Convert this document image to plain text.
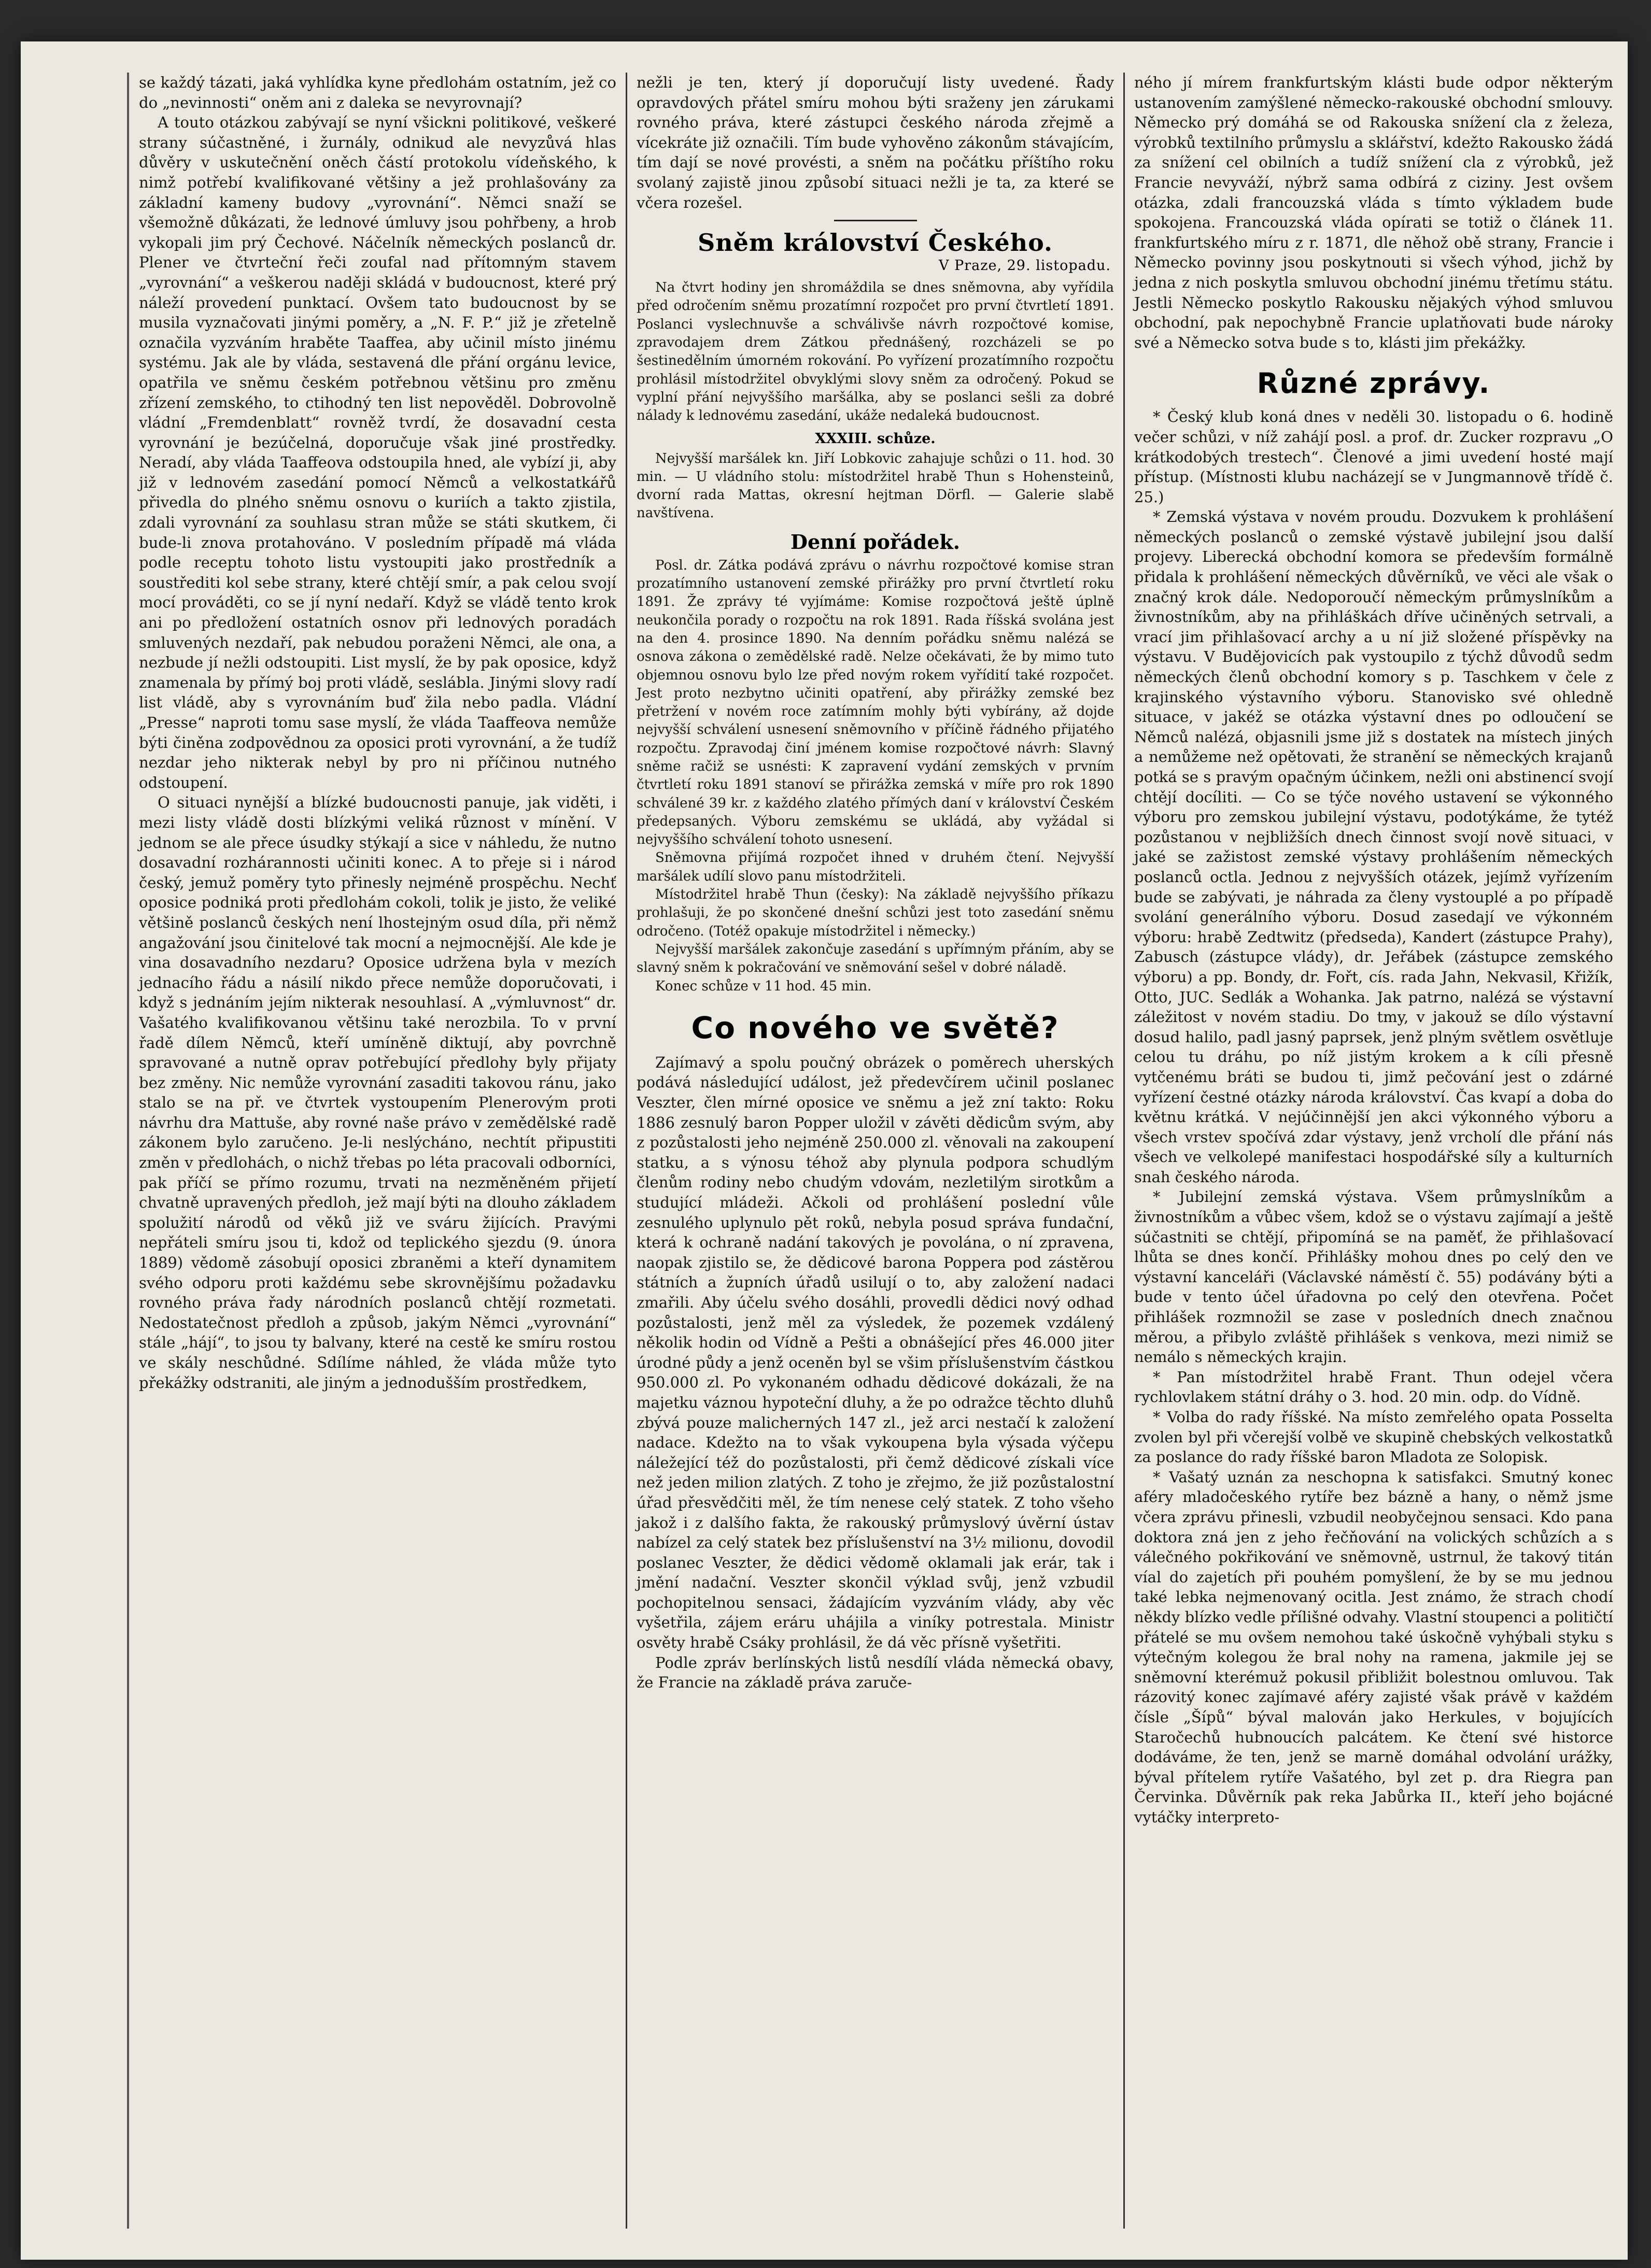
se každý tázati, jaká vyhlídka kyne předlohám ostatním, jež co do „nevinnosti“ oněm ani z daleka se nevyrovnají?

A touto otázkou zabývají se nyní všickni politikové, veškeré strany súčastněné, i žurnály, odnikud ale nevyzůvá hlas důvěry v uskutečnění oněch částí protokolu vídeňského, k nimž potřebí kvalifikované většiny a jež prohlašovány za základní kameny budovy „vyrovnání“. Němci snaží se všemožně důkázati, že lednové úmluvy jsou pohřbeny, a hrob vykopali jim prý Čechové. Náčelník německých poslanců dr. Plener ve čtvrteční řeči zoufal nad přítomným stavem „vyrovnání“ a veškerou naději skládá v budoucnost, které prý náleží provedení punktací. Ovšem tato budoucnost by se musila vyznačovati jinými poměry, a „N. F. P.“ již je zřetelně označila vyzváním hraběte Taaffea, aby učinil místo jinému systému. Jak ale by vláda, sestavená dle přání orgánu levice, opatřila ve sněmu českém potřebnou většinu pro změnu zřízení zemského, to ctihodný ten list nepověděl. Dobrovolně vládní „Fremdenblatt“ rovněž tvrdí, že dosavadní cesta vyrovnání je bezúčelná, doporučuje však jiné prostředky. Neradí, aby vláda Taaffeova odstoupila hned, ale vybízí ji, aby již v lednovém zasedání pomocí Němců a velkostatkářů přivedla do plného sněmu osnovu o kuriích a takto zjistila, zdali vyrovnání za souhlasu stran může se státi skutkem, či bude-li znova protahováno. V posledním případě má vláda podle receptu tohoto listu vystoupiti jako prostředník a soustřediti kol sebe strany, které chtějí smír, a pak celou svojí mocí prováděti, co se jí nyní nedaří. Když se vládě tento krok ani po předložení ostatních osnov při lednových poradách smluvených nezdaří, pak nebudou poraženi Němci, ale ona, a nezbude jí nežli odstoupiti. List myslí, že by pak oposice, když znamenala by přímý boj proti vládě, seslábla. Jinými slovy radí list vládě, aby s vyrovnáním buď žila nebo padla. Vládní „Presse“ naproti tomu sase myslí, že vláda Taaffeova nemůže býti činěna zodpovědnou za oposici proti vyrovnání, a že tudíž nezdar jeho nikterak nebyl by pro ni příčinou nutného odstoupení.

O situaci nynější a blízké budoucnosti panuje, jak viděti, i mezi listy vládě dosti blízkými veliká různost v mínění. V jednom se ale přece úsudky stýkají a sice v náhledu, že nutno dosavadní rozhárannosti učiniti konec. A to přeje si i národ český, jemuž poměry tyto přinesly nejméně prospěchu. Nechť oposice podniká proti předlohám cokoli, tolik je jisto, že veliké většině poslanců českých není lhostejným osud díla, při němž angažování jsou činitelové tak mocní a nejmocnější. Ale kde je vina dosavadního nezdaru? Oposice udržena byla v mezích jednacího řádu a násilí nikdo přece nemůže doporučovati, i když s jednáním jejím nikterak nesouhlasí. A „výmluvnost“ dr. Vašatého kvalifikovanou většinu také nerozbila. To v první řadě dílem Němců, kteří umíněně diktují, aby povrchně spravované a nutně oprav potřebující předlohy byly přijaty bez změny. Nic nemůže vyrovnání zasaditi takovou ránu, jako stalo se na př. ve čtvrtek vystoupením Plenerovým proti návrhu dra Mattuše, aby rovné naše právo v zemědělské radě zákonem bylo zaručeno. Je-li neslýcháno, nechtít připustiti změn v předlohách, o nichž třebas po léta pracovali odborníci, pak příčí se přímo rozumu, trvati na nezměněném přijetí chvatně upravených předloh, jež mají býti na dlouho základem spolužití národů od věků již ve sváru žijících. Pravými nepřáteli smíru jsou ti, kdož od teplického sjezdu (9. února 1889) vědomě zásobují oposici zbraněmi a kteří dynamitem svého odporu proti každému sebe skrovnějšímu požadavku rovného práva řady národních poslanců chtějí rozmetati. Nedostatečnost předloh a způsob, jakým Němci „vyrovnání“ stále „hájí“, to jsou ty balvany, které na cestě ke smíru rostou ve skály neschůdné. Sdílíme náhled, že vláda může tyto překážky odstraniti, ale jiným a jednodušším prostředkem,

nežli je ten, který jí doporučují listy uvedené. Řady opravdových přátel smíru mohou býti sraženy jen zárukami rovného práva, které zástupci českého národa zřejmě a vícekráte již označili. Tím bude vyhověno zákonům stávajícím, tím dají se nové provésti, a sněm na počátku příštího roku svolaný zajistě jinou způsobí situaci nežli je ta, za které se včera rozešel.

Sněm království Českého.
V Praze, 29. listopadu.

Na čtvrt hodiny jen shromáždila se dnes sněmovna, aby vyřídila před odročením sněmu prozatímní rozpočet pro první čtvrtletí 1891. Poslanci vyslechnuvše a schválivše návrh rozpočtové komise, zpravodajem drem Zátkou přednášený, rozcházeli se po šestinedělním úmorném rokování. Po vyřízení prozatímního rozpočtu prohlásil místodržitel obvyklými slovy sněm za odročený. Pokud se vyplní přání nejvyššího maršálka, aby se poslanci sešli za dobré nálady k lednovému zasedání, ukáže nedaleká budoucnost.

XXXIII. schůze.

Nejvyšší maršálek kn. Jiří Lobkovic zahajuje schůzi o 11. hod. 30 min. — U vládního stolu: místodržitel hrabě Thun s Hohensteinů, dvorní rada Mattas, okresní hejtman Dörfl. — Galerie slabě navštívena.

Denní pořádek.

Posl. dr. Zátka podává zprávu o návrhu rozpočtové komise stran prozatímního ustanovení zemské přirážky pro první čtvrtletí roku 1891. Že zprávy té vyjímáme: Komise rozpočtová ještě úplně neukončila porady o rozpočtu na rok 1891. Rada říšská svolána jest na den 4. prosince 1890. Na denním pořádku sněmu nalézá se osnova zákona o zemědělské radě. Nelze očekávati, že by mimo tuto objemnou osnovu bylo lze před novým rokem vyřídití také rozpočet. Jest proto nezbytno učiniti opatření, aby přirážky zemské bez přetržení v novém roce zatímním mohly býti vybírány, až dojde nejvyšší schválení usnesení sněmovního v příčině řádného přijatého rozpočtu. Zpravodaj činí jménem komise rozpočtové návrh: Slavný sněme račiž se usnésti: K zapravení vydání zemských v prvním čtvrtletí roku 1891 stanoví se přirážka zemská v míře pro rok 1890 schválené 39 kr. z každého zlatého přímých daní v království Českém předepsaných. Výboru zemskému se ukládá, aby vyžádal si nejvyššího schválení tohoto usnesení.

Sněmovna přijímá rozpočet ihned v druhém čtení. Nejvyšší maršálek udílí slovo panu místodržiteli.

Místodržitel hrabě Thun (česky): Na základě nejvyššího příkazu prohlašuji, že po skončené dnešní schůzi jest toto zasedání sněmu odročeno. (Totéž opakuje místodržitel i německy.)

Nejvyšší maršálek zakončuje zasedání s upřímným přáním, aby se slavný sněm k pokračování ve sněmování sešel v dobré náladě.

Konec schůze v 11 hod. 45 min.

Co nového ve světě?

Zajímavý a spolu poučný obrázek o poměrech uherských podává následující událost, jež předevčírem učinil poslanec Veszter, člen mírné oposice ve sněmu a jež zní takto: Roku 1886 zesnulý baron Popper uložil v závěti dědicům svým, aby z pozůstalosti jeho nejméně 250.000 zl. věnovali na zakoupení statku, a s výnosu téhož aby plynula podpora schudlým členům rodiny nebo chudým vdovám, nezletilým sirotkům a studující mládeži. Ačkoli od prohlášení poslední vůle zesnulého uplynulo pět roků, nebyla posud správa fundační, která k ochraně nadání takových je povolána, o ní zpravena, naopak zjistilo se, že dědicové barona Poppera pod zástěrou státních a župních úřadů usilují o to, aby založení nadaci zmařili. Aby účelu svého dosáhli, provedli dědici nový odhad pozůstalosti, jenž měl za výsledek, že pozemek vzdálený několik hodin od Vídně a Pešti a obnášející přes 46.000 jiter úrodné půdy a jenž oceněn byl se všim příslušenstvím částkou 950.000 zl. Po vykonaném odhadu dědicové dokázali, že na majetku váznou hypoteční dluhy, a že po odražce těchto dluhů zbývá pouze malicherných 147 zl., jež arci nestačí k založení nadace. Kdežto na to však vykoupena byla výsada výčepu náležející též do pozůstalosti, při čemž dědicové získali více než jeden milion zlatých. Z toho je zřejmo, že již pozůstalostní úřad přesvědčiti měl, že tím nenese celý statek. Z toho všeho jakož i z dalšího fakta, že rakouský průmyslový úvěrní ústav nabízel za celý statek bez příslušenství na 3½ milionu, dovodil poslanec Veszter, že dědici vědomě oklamali jak erár, tak i jmění nadační. Veszter skončil výklad svůj, jenž vzbudil pochopitelnou sensaci, žádajícím vyzváním vlády, aby věc vyšetřila, zájem eráru uhájila a viníky potrestala. Ministr osvěty hrabě Csáky prohlásil, že dá věc přísně vyšetřiti.

Podle zpráv berlínských listů nesdílí vláda německá obavy, že Francie na základě práva zaruče-

ného jí mírem frankfurtským klásti bude odpor některým ustanovením zamýšlené německo-rakouské obchodní smlouvy. Německo prý domáhá se od Rakouska snížení cla z železa, výrobků textilního průmyslu a sklářství, kdežto Rakousko žádá za snížení cel obilních a tudíž snížení cla z výrobků, jež Francie nevyváží, nýbrž sama odbírá z ciziny. Jest ovšem otázka, zdali francouzská vláda s tímto výkladem bude spokojena. Francouzská vláda opírati se totiž o článek 11. frankfurtského míru z r. 1871, dle něhož obě strany, Francie i Německo povinny jsou poskytnouti si všech výhod, jichž by jedna z nich poskytla smluvou obchodní jinému třetímu státu. Jestli Německo poskytlo Rakousku nějakých výhod smluvou obchodní, pak nepochybně Francie uplatňovati bude nároky své a Německo sotva bude s to, klásti jim překážky.

Různé zprávy.

* Český klub koná dnes v neděli 30. listopadu o 6. hodině večer schůzi, v níž zahájí posl. a prof. dr. Zucker rozpravu „O krátkodobých trestech“. Členové a jimi uvedení hosté mají přístup. (Místnosti klubu nacházejí se v Jungmannově třídě č. 25.)

* Zemská výstava v novém proudu. Dozvukem k prohlášení německých poslanců o zemské výstavě jubilejní jsou další projevy. Liberecká obchodní komora se především formálně přidala k prohlášení německých důvěrníků, ve věci ale však o značný krok dále. Nedoporoučí německým průmyslníkům a živnostníkům, aby na přihláškách dříve učiněných setrvali, a vrací jim přihlašovací archy a u ní již složené příspěvky na výstavu. V Budějovicích pak vystoupilo z týchž důvodů sedm německých členů obchodní komory s p. Taschkem v čele z krajinského výstavního výboru. Stanovisko své ohledně situace, v jakéž se otázka výstavní dnes po odloučení se Němců nalézá, objasnili jsme již s dostatek na místech jiných a nemůžeme než opětovati, že stranění se německých krajanů potká se s pravým opačným účinkem, nežli oni abstinencí svojí chtějí docíliti. — Co se týče nového ustavení se výkonného výboru pro zemskou jubilejní výstavu, podotýkáme, že tytéž pozůstanou v nejbližších dnech činnost svojí nově situaci, v jaké se zažistost zemské výstavy prohlášením německých poslanců octla. Jednou z nejvyšších otázek, jejímž vyřízením bude se zabývati, je náhrada za členy vystouplé a po případě svolání generálního výboru. Dosud zasedají ve výkonném výboru: hrabě Zedtwitz (předseda), Kandert (zástupce Prahy), Zabusch (zástupce vlády), dr. Jeřábek (zástupce zemského výboru) a pp. Bondy, dr. Fořt, cís. rada Jahn, Nekvasil, Křižík, Otto, JUC. Sedlák a Wohanka. Jak patrno, nalézá se výstavní záležitost v novém stadiu. Do tmy, v jakouž se dílo výstavní dosud halilo, padl jasný paprsek, jenž plným světlem osvětluje celou tu dráhu, po níž jistým krokem a k cíli přesně vytčenému bráti se budou ti, jimž pečování jest o zdárné vyřízení čestné otázky národa království. Čas kvapí a doba do květnu krátká. V nejúčinnější jen akci výkonného výboru a všech vrstev spočívá zdar výstavy, jenž vrcholí dle přání nás všech ve velkolepé manifestaci hospodářské síly a kulturních snah českého národa.

* Jubilejní zemská výstava. Všem průmyslníkům a živnostníkům a vůbec všem, kdož se o výstavu zajímají a ještě súčastniti se chtějí, připomíná se na paměť, že přihlašovací lhůta se dnes končí. Přihlášky mohou dnes po celý den ve výstavní kanceláři (Václavské náměstí č. 55) podávány býti a bude v tento účel úřadovna po celý den otevřena. Počet přihlášek rozmnožil se zase v posledních dnech značnou měrou, a přibylo zvláště přihlášek s venkova, mezi nimiž se nemálo s německých krajin.

* Pan místodržitel hrabě Frant. Thun odejel včera rychlovlakem státní dráhy o 3. hod. 20 min. odp. do Vídně.

* Volba do rady říšské. Na místo zemřelého opata Posselta zvolen byl při včerejší volbě ve skupině chebských velkostatků za poslance do rady říšské baron Mladota ze Solopisk.

* Vašatý uznán za neschopna k satisfakci. Smutný konec aféry mladočeského rytíře bez bázně a hany, o němž jsme včera zprávu přinesli, vzbudil neobyčejnou sensaci. Kdo pana doktora zná jen z jeho řečňování na volických schůzích a s válečného pokřikování ve sněmovně, ustrnul, že takový titán víal do zajetích při pouhém pomyšlení, že by se mu jednou také lebka nejmenovaný ocitla. Jest známo, že strach chodí někdy blízko vedle přílišné odvahy. Vlastní stoupenci a političtí přátelé se mu ovšem nemohou také úskočně vyhýbali styku s výtečným kolegou že bral nohy na ramena, jakmile jej se sněmovní kterémuž pokusil přibližit bolestnou omluvou. Tak rázovitý konec zajímavé aféry zajisté však právě v každém čísle „Šípů“ býval malován jako Herkules, v bojujících Staročechů hubnoucích palcátem. Ke čtení své historce dodáváme, že ten, jenž se marně domáhal odvolání urážky, býval přítelem rytíře Vašatého, byl zet p. dra Riegra pan Červinka. Důvěrník pak reka Jabůrka II., kteří jeho bojácné vytáčky interpreto-
